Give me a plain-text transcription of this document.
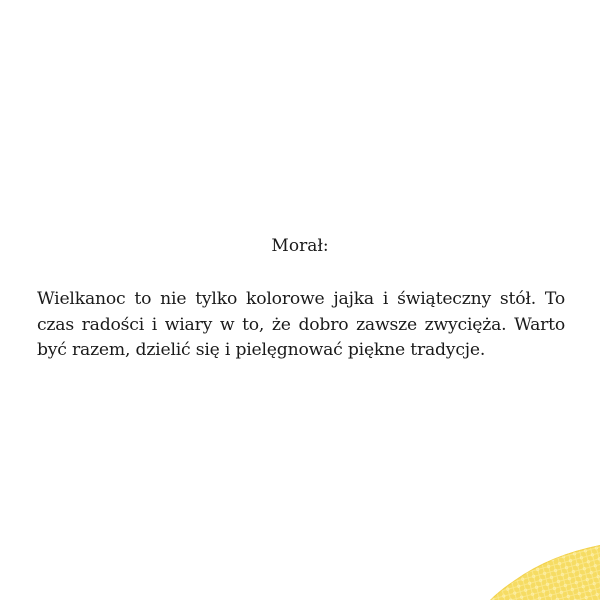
Morał:
Wielkanoc to nie tylko kolorowe jajka i świąteczny stół. To czas radości i wiary w to, że dobro zawsze zwycięża. Warto być razem, dzielić się i pielęgnować piękne tradycje.
